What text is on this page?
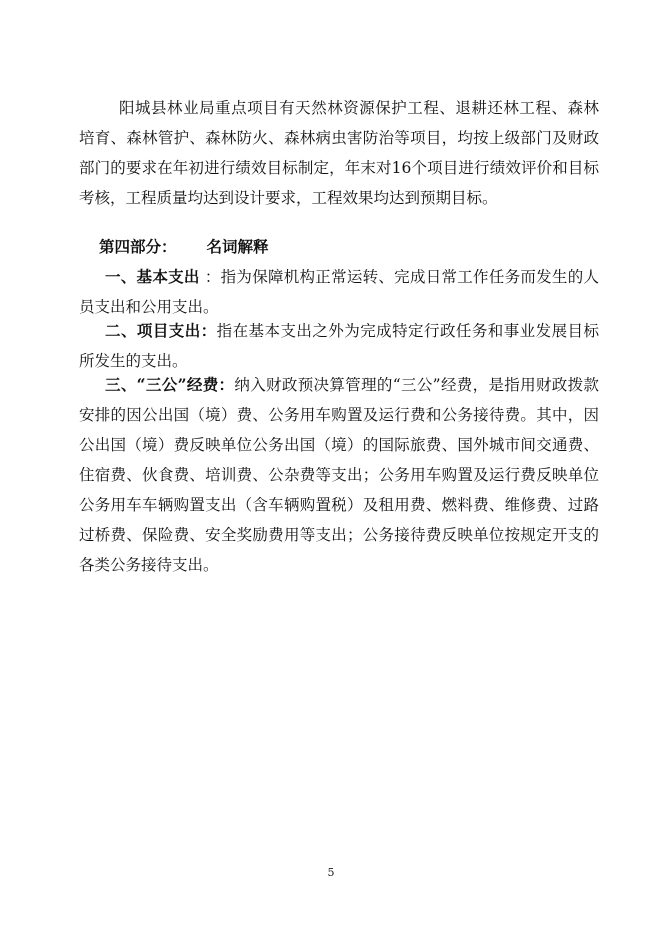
阳城县林业局重点项目有天然林资源保护工程、退耕还林工程、森林培育、森林管护、森林防火、森林病虫害防治等项目，均按上级部门及财政部门的要求在年初进行绩效目标制定，年末对16个项目进行绩效评价和目标考核，工程质量均达到设计要求，工程效果均达到预期目标。

第四部分： 名词解释

一、基本支出 ：指为保障机构正常运转、完成日常工作任务而发生的人员支出和公用支出。

二、项目支出：指在基本支出之外为完成特定行政任务和事业发展目标所发生的支出。

三、“三公”经费：纳入财政预决算管理的“三公”经费，是指用财政拨款安排的因公出国（境）费、公务用车购置及运行费和公务接待费。其中，因公出国（境）费反映单位公务出国（境）的国际旅费、国外城市间交通费、住宿费、伙食费、培训费、公杂费等支出；公务用车购置及运行费反映单位公务用车车辆购置支出（含车辆购置税）及租用费、燃料费、维修费、过路过桥费、保险费、安全奖励费用等支出；公务接待费反映单位按规定开支的各类公务接待支出。

5
